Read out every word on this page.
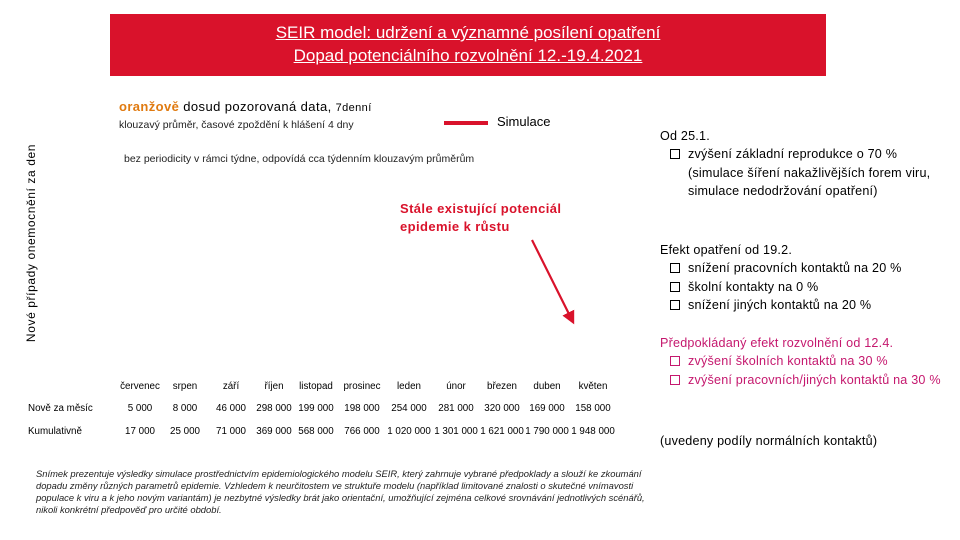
SEIR model: udržení a významné posílení opatření
Dopad potenciálního rozvolnění 12.-19.4.2021
oranžově dosud pozorovaná data, 7denní
klouzavý průměr, časové zpoždění k hlášení 4 dny
bez periodicity v rámci týdne, odpovídá cca týdenním klouzavým průměrům
Simulace
Nové případy onemocnění za den	Stále existující potenciál epidemie k růstu
	červenec	srpen	září	říjen	listopad	prosinec	leden	únor	březen	duben	květen
Nově za měsíc	5 000	8 000	46 000	298 000	199 000	198 000	254 000	281 000	320 000	169 000	158 000
Kumulativně	17 000	25 000	71 000	369 000	568 000	766 000	1 020 000	1 301 000	1 621 000	1 790 000	1 948 000
Od 25.1.
zvýšení základní reprodukce o 70 % (simulace šíření nakažlivějších forem viru, simulace nedodržování opatření)
Efekt opatření od 19.2.
snížení pracovních kontaktů na 20 %
školní kontakty na 0 %
snížení jiných kontaktů na 20 %
Předpokládaný efekt rozvolnění od 12.4.
zvýšení školních kontaktů na 30 %
zvýšení pracovních/jiných kontaktů na 30 %
(uvedeny podíly normálních kontaktů)
Snímek prezentuje výsledky simulace prostřednictvím epidemiologického modelu SEIR, který zahrnuje vybrané předpoklady a slouží ke zkoumání dopadu změny různých parametrů epidemie. Vzhledem k neurčitostem ve struktuře modelu (například limitované znalosti o skutečné vnímavosti populace k viru a k jeho novým variantám) je nezbytné výsledky brát jako orientační, umožňující zejména celkové srovnávání jednotlivých scénářů, nikoli konkrétní předpověď pro určité období.
